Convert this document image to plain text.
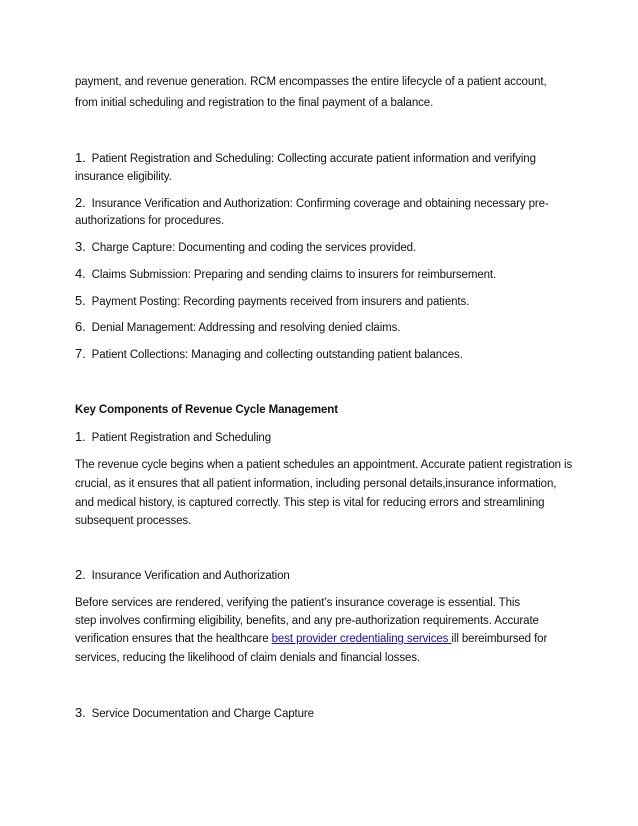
payment, and revenue generation. RCM encompasses the entire lifecycle of a patient account,
from initial scheduling and registration to the final payment of a balance.
1. Patient Registration and Scheduling: Collecting accurate patient information and verifying
insurance eligibility.
2. Insurance Verification and Authorization: Confirming coverage and obtaining necessary pre-
authorizations for procedures.
3. Charge Capture: Documenting and coding the services provided.
4. Claims Submission: Preparing and sending claims to insurers for reimbursement.
5. Payment Posting: Recording payments received from insurers and patients.
6. Denial Management: Addressing and resolving denied claims.
7. Patient Collections: Managing and collecting outstanding patient balances.
Key Components of Revenue Cycle Management
1. Patient Registration and Scheduling
The revenue cycle begins when a patient schedules an appointment. Accurate patient registration is
crucial, as it ensures that all patient information, including personal details,insurance information,
and medical history, is captured correctly. This step is vital for reducing errors and streamlining
subsequent processes.
2. Insurance Verification and Authorization
Before services are rendered, verifying the patient’s insurance coverage is essential. This
step involves confirming eligibility, benefits, and any pre-authorization requirements. Accurate
verification ensures that the healthcare best provider credentialing services ill bereimbursed for
services, reducing the likelihood of claim denials and financial losses.
3. Service Documentation and Charge Capture
